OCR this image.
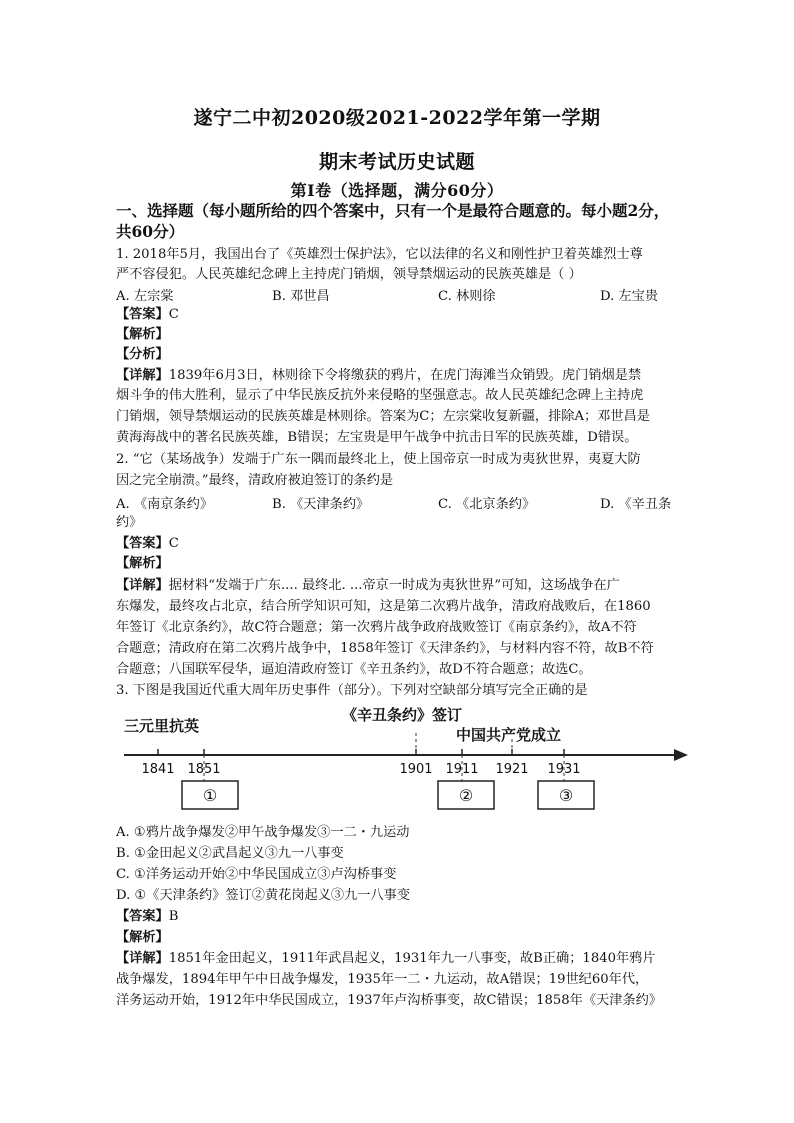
遂宁二中初2020级2021-2022学年第一学期
期末考试历史试题
第I卷（选择题，满分60分）
一、选择题（每小题所给的四个答案中，只有一个是最符合题意的。每小题2分，
共60分）
1. 2018年5月，我国出台了《英雄烈士保护法》，它以法律的名义和刚性护卫着英雄烈士尊
严不容侵犯。人民英雄纪念碑上主持虎门销烟，领导禁烟运动的民族英雄是（ ）
A. 左宗棠	B. 邓世昌	C. 林则徐	D. 左宝贵
【答案】C
【解析】
【分析】
【详解】1839年6月3日，林则徐下令将缴获的鸦片，在虎门海滩当众销毁。虎门销烟是禁
烟斗争的伟大胜利，显示了中华民族反抗外来侵略的坚强意志。故人民英雄纪念碑上主持虎
门销烟，领导禁烟运动的民族英雄是林则徐。答案为C；左宗棠收复新疆，排除A；邓世昌是
黄海海战中的著名民族英雄，B错误；左宝贵是甲午战争中抗击日军的民族英雄，D错误。
2. “它（某场战争）发端于广东一隅而最终北上，使上国帝京一时成为夷狄世界，夷夏大防
因之完全崩溃。”最终，清政府被迫签订的条约是
A. 《南京条约》	B. 《天津条约》	C. 《北京条约》	D. 《辛丑条
约》
【答案】C
【解析】
【详解】据材料“发端于广东.... 最终北. ...帝京一时成为夷狄世界”可知，这场战争在广
东爆发，最终攻占北京，结合所学知识可知，这是第二次鸦片战争，清政府战败后，在1860
年签订《北京条约》，故C符合题意；第一次鸦片战争政府战败签订《南京条约》，故A不符
合题意；清政府在第二次鸦片战争中，1858年签订《天津条约》，与材料内容不符，故B不符
合题意；八国联军侵华，逼迫清政府签订《辛丑条约》，故D不符合题意；故选C。
3. 下图是我国近代重大周年历史事件（部分）。下列对空缺部分填写完全正确的是
三元里抗英
《辛丑条约》签订
中国共产党成立
1841 1851	1901 1911 1921 1931
①	②	③
A. ①鸦片战争爆发②甲午战争爆发③一二・九运动
B. ①金田起义②武昌起义③九一八事变
C. ①洋务运动开始②中华民国成立③卢沟桥事变
D. ①《天津条约》签订②黄花岗起义③九一八事变
【答案】B
【解析】
【详解】1851年金田起义，1911年武昌起义，1931年九一八事变，故B正确；1840年鸦片
战争爆发，1894年甲午中日战争爆发，1935年一二・九运动，故A错误；19世纪60年代，
洋务运动开始，1912年中华民国成立，1937年卢沟桥事变，故C错误；1858年《天津条约》
